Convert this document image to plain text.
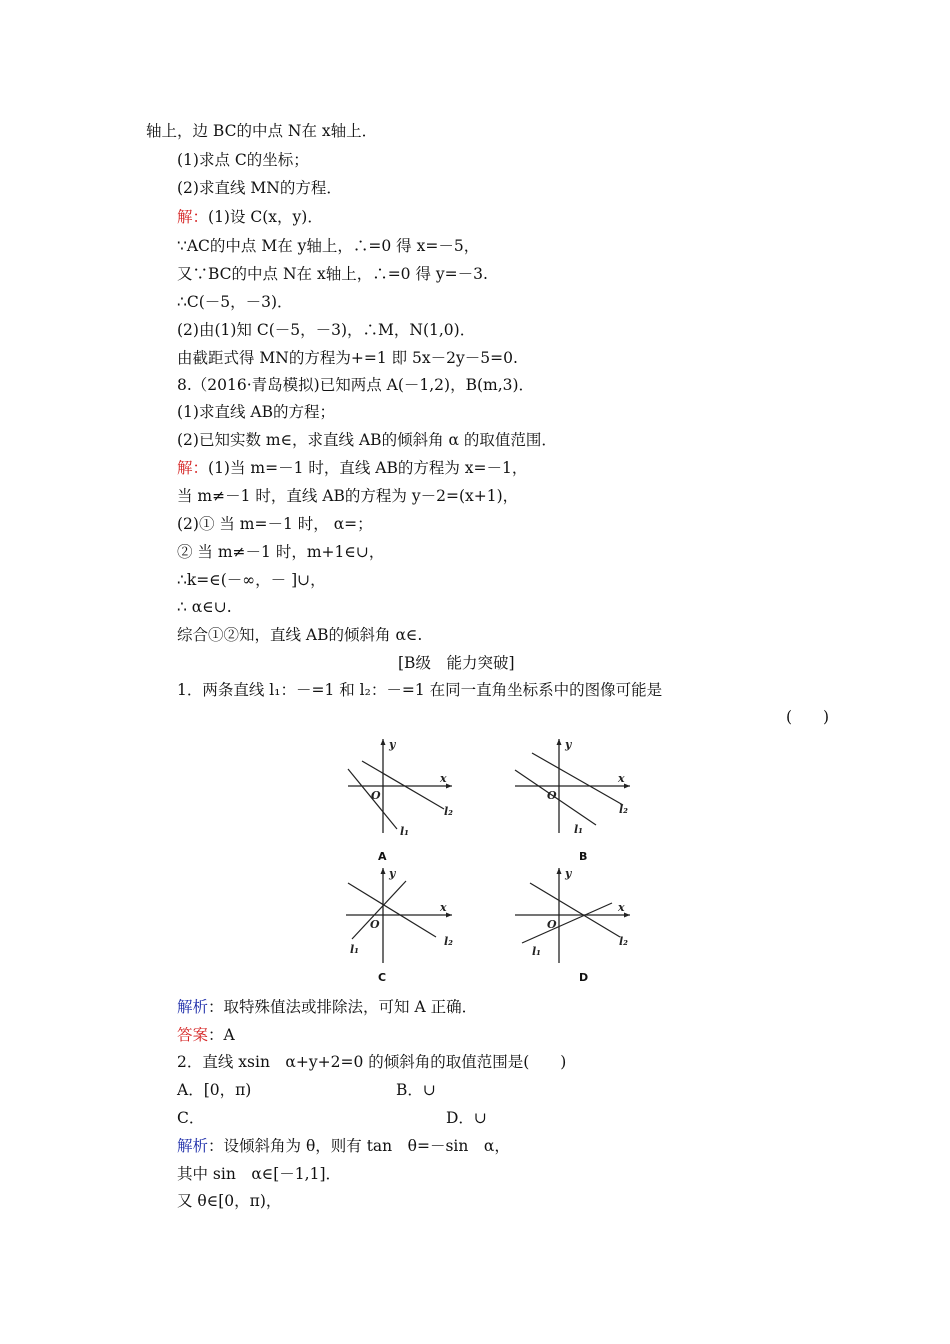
轴上，边 BC的中点 N在 x轴上．
(1)求点 C的坐标；
(2)求直线 MN的方程．
解：(1)设 C(x，y)．
∵AC的中点 M在 y轴上，∴=0 得 x=－5，
又∵BC的中点 N在 x轴上，∴=0 得 y=－3.
∴C(－5，－3)．
(2)由(1)知 C(－5，－3)，∴M，N(1,0)．
由截距式得 MN的方程为+=1 即 5x－2y－5=0.
8.（2016·青岛模拟)已知两点 A(－1,2)，B(m,3)．
(1)求直线 AB的方程；
(2)已知实数 m∈，求直线 AB的倾斜角 α 的取值范围．
解：(1)当 m=－1 时，直线 AB的方程为 x=－1，
当 m≠－1 时，直线 AB的方程为 y－2=(x+1)，
(2)① 当 m=－1 时， α=；
② 当 m≠－1 时，m+1∈∪，
∴k=∈(－∞，－ ]∪，
∴ α∈∪.
综合①②知，直线 AB的倾斜角 α∈.
[B级　能力突破]
1．两条直线 l₁：－=1 和 l₂：－=1 在同一直角坐标系中的图像可能是
(　　)
y
x
O
l₂
l₁
A
y
x
O
l₂
l₁
B
y
x
O
l₂
l₁
C
y
x
O
l₂
l₁
D
解析：取特殊值法或排除法，可知 A 正确．
答案：A
2．直线 xsin　α+y+2=0 的倾斜角的取值范围是(　　)
A．[0，π)	B．∪
C．	D．∪
解析：设倾斜角为 θ，则有 tan　θ=－sin　α，
其中 sin　α∈[－1,1]．
又 θ∈[0，π)，
